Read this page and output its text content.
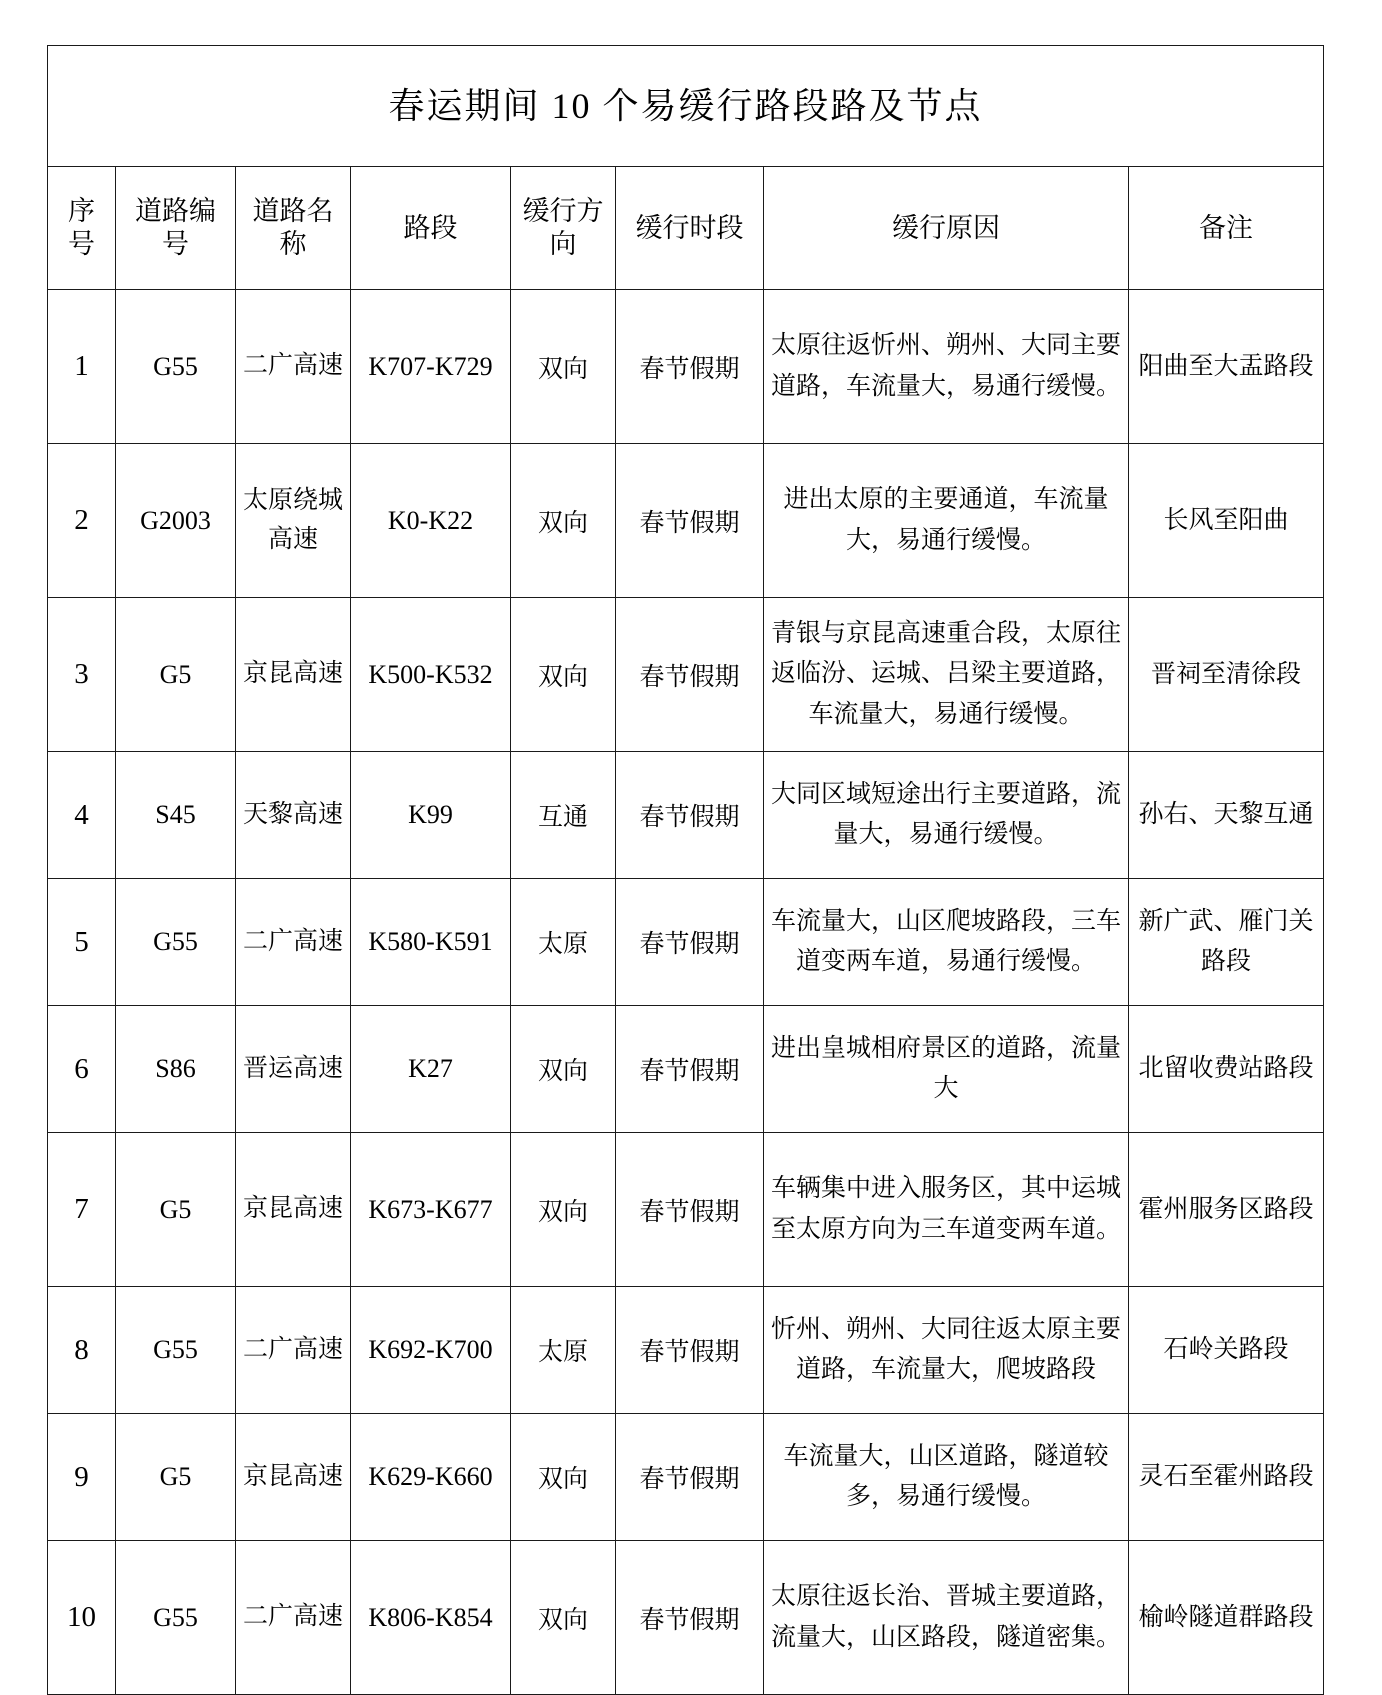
春运期间 10 个易缓行路段路及节点							
序号	道路编号	道路名称	路段	缓行方向	缓行时段	缓行原因	备注
1	G55	二广高速	K707-K729	双向	春节假期	太原往返忻州、朔州、大同主要道路，车流量大，易通行缓慢。	阳曲至大盂路段
2	G2003	太原绕城高速	K0-K22	双向	春节假期	进出太原的主要通道，车流量大，易通行缓慢。	长风至阳曲
3	G5	京昆高速	K500-K532	双向	春节假期	青银与京昆高速重合段，太原往返临汾、运城、吕梁主要道路，车流量大，易通行缓慢。	晋祠至清徐段
4	S45	天黎高速	K99	互通	春节假期	大同区域短途出行主要道路，流量大，易通行缓慢。	孙右、天黎互通
5	G55	二广高速	K580-K591	太原	春节假期	车流量大，山区爬坡路段，三车道变两车道，易通行缓慢。	新广武、雁门关路段
6	S86	晋运高速	K27	双向	春节假期	进出皇城相府景区的道路，流量大	北留收费站路段
7	G5	京昆高速	K673-K677	双向	春节假期	车辆集中进入服务区，其中运城至太原方向为三车道变两车道。	霍州服务区路段
8	G55	二广高速	K692-K700	太原	春节假期	忻州、朔州、大同往返太原主要道路，车流量大，爬坡路段	石岭关路段
9	G5	京昆高速	K629-K660	双向	春节假期	车流量大，山区道路，隧道较多，易通行缓慢。	灵石至霍州路段
10	G55	二广高速	K806-K854	双向	春节假期	太原往返长治、晋城主要道路，流量大，山区路段，隧道密集。	榆岭隧道群路段
